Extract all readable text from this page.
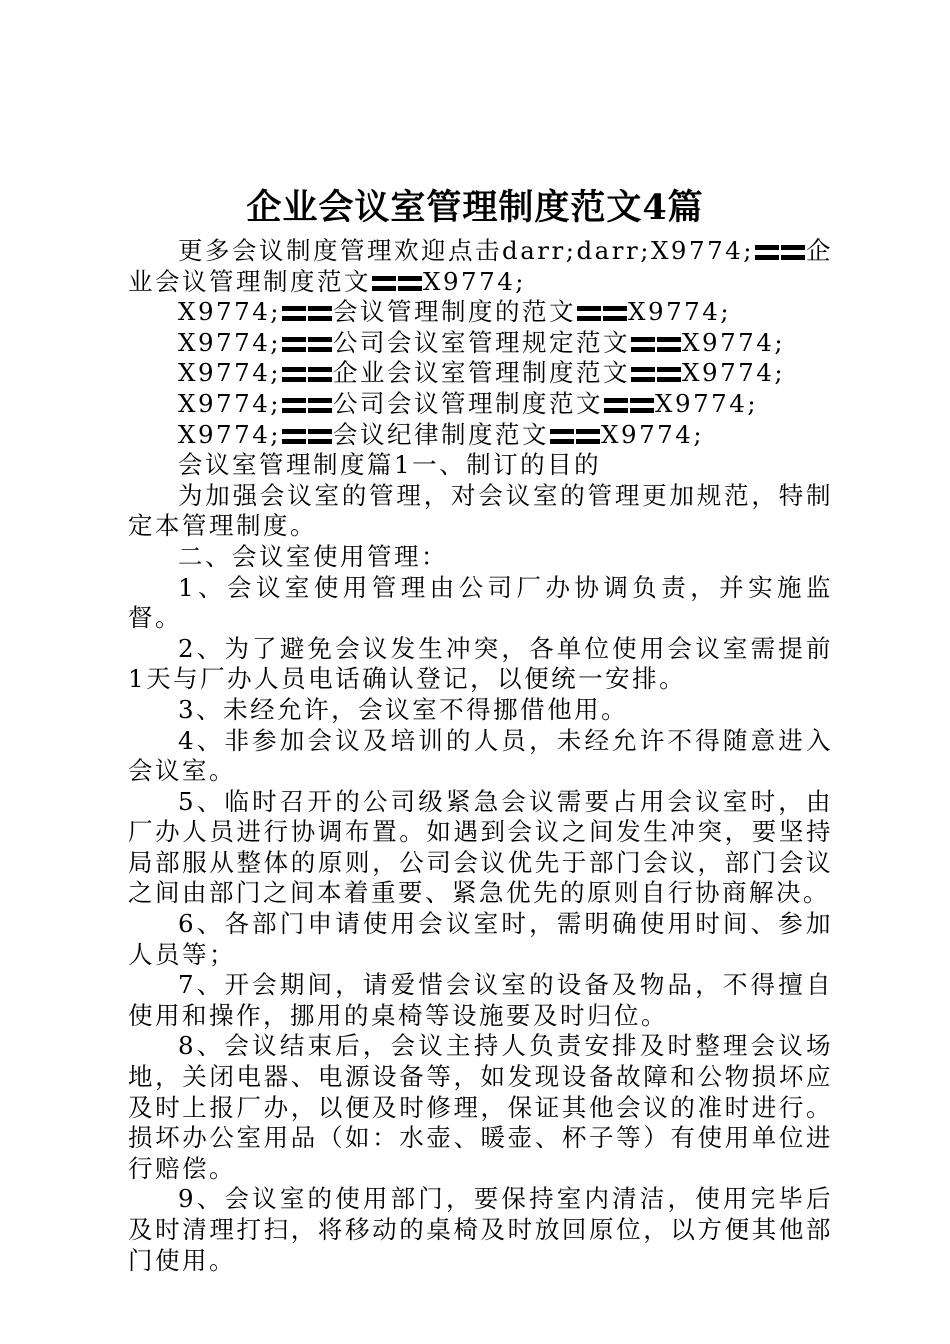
企业会议室管理制度范文4篇

更多会议制度管理欢迎点击darr;darr;X9774; 企业会议管理制度范文 X9774;

X9774; 会议管理制度的范文 X9774;

X9774; 公司会议室管理规定范文 X9774;

X9774; 企业会议室管理制度范文 X9774;

X9774; 公司会议管理制度范文 X9774;

X9774; 会议纪律制度范文 X9774;

会议室管理制度篇1一、制订的目的

为加强会议室的管理，对会议室的管理更加规范，特制定本管理制度。

二、会议室使用管理：

1、会议室使用管理由公司厂办协调负责，并实施监督。

2、为了避免会议发生冲突，各单位使用会议室需提前1天与厂办人员电话确认登记，以便统一安排。

3、未经允许，会议室不得挪借他用。

4、非参加会议及培训的人员，未经允许不得随意进入会议室。

5、临时召开的公司级紧急会议需要占用会议室时，由厂办人员进行协调布置。如遇到会议之间发生冲突，要坚持局部服从整体的原则，公司会议优先于部门会议，部门会议之间由部门之间本着重要、紧急优先的原则自行协商解决。

6、各部门申请使用会议室时，需明确使用时间、参加人员等；

7、开会期间，请爱惜会议室的设备及物品，不得擅自使用和操作，挪用的桌椅等设施要及时归位。

8、会议结束后，会议主持人负责安排及时整理会议场地，关闭电器、电源设备等，如发现设备故障和公物损坏应及时上报厂办，以便及时修理，保证其他会议的准时进行。损坏办公室用品（如：水壶、暖壶、杯子等）有使用单位进行赔偿。

9、会议室的使用部门，要保持室内清洁，使用完毕后及时清理打扫，将移动的桌椅及时放回原位，以方便其他部门使用。
